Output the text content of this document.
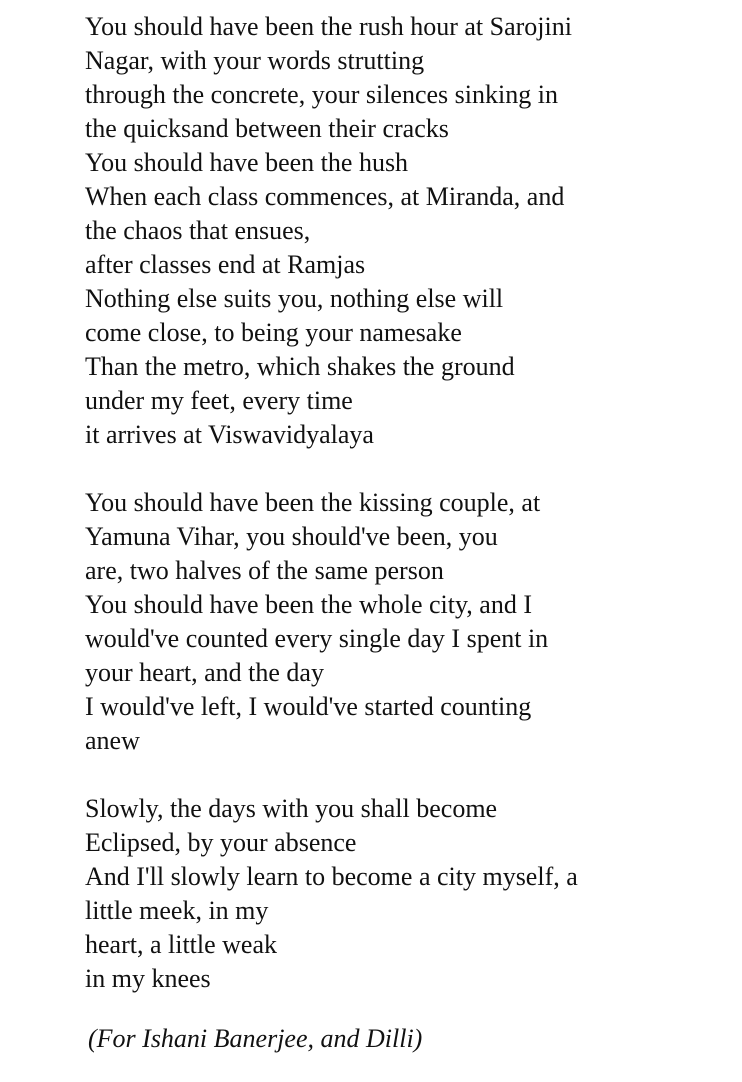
You should have been the rush hour at Sarojini
Nagar, with your words strutting
through the concrete, your silences sinking in
the quicksand between their cracks
You should have been the hush
When each class commences, at Miranda, and
the chaos that ensues,
after classes end at Ramjas
Nothing else suits you, nothing else will
come close, to being your namesake
Than the metro, which shakes the ground
under my feet, every time
it arrives at Viswavidyalaya
You should have been the kissing couple, at
Yamuna Vihar, you should've been, you
are, two halves of the same person
You should have been the whole city, and I
would've counted every single day I spent in
your heart, and the day
I would've left, I would've started counting
anew
Slowly, the days with you shall become
Eclipsed, by your absence
And I'll slowly learn to become a city myself, a
little meek, in my
heart, a little weak
in my knees
(For Ishani Banerjee, and Dilli)
